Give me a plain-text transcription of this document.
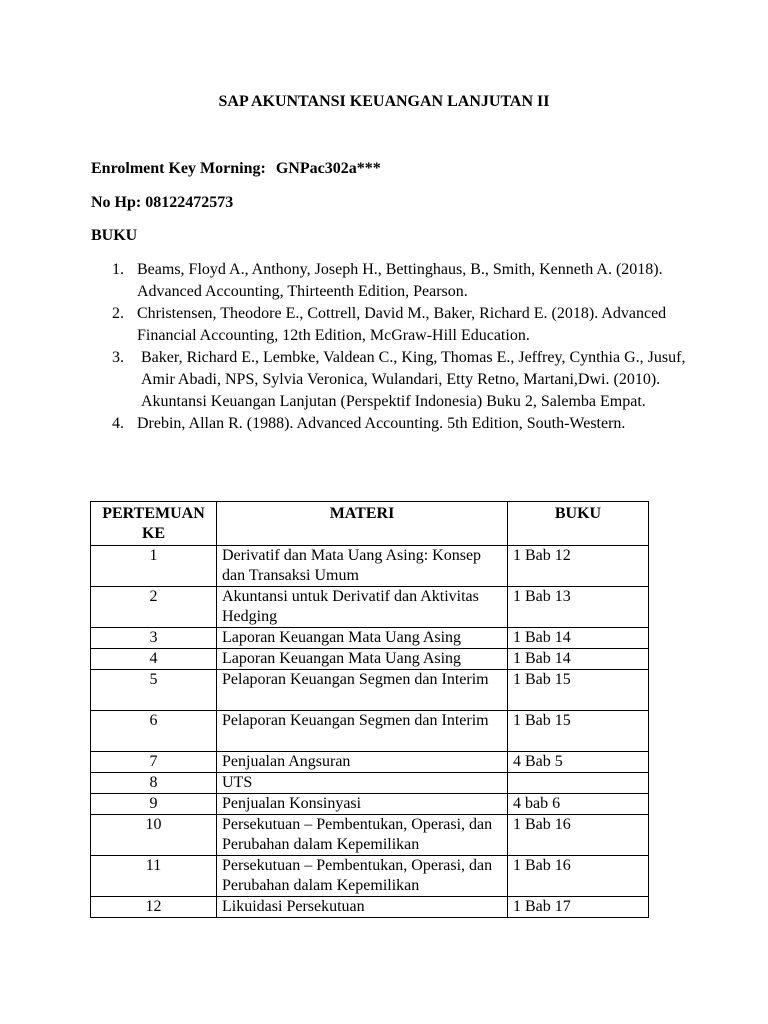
SAP AKUNTANSI KEUANGAN LANJUTAN II
Enrolment Key Morning: GNPac302a***
No Hp: 08122472573
BUKU
1. Beams, Floyd A., Anthony, Joseph H., Bettinghaus, B., Smith, Kenneth A. (2018). Advanced Accounting, Thirteenth Edition, Pearson.
2. Christensen, Theodore E., Cottrell, David M., Baker, Richard E. (2018). Advanced Financial Accounting, 12th Edition, McGraw-Hill Education.
3. Baker, Richard E., Lembke, Valdean C., King, Thomas E., Jeffrey, Cynthia G., Jusuf, Amir Abadi, NPS, Sylvia Veronica, Wulandari, Etty Retno, Martani,Dwi. (2010). Akuntansi Keuangan Lanjutan (Perspektif Indonesia) Buku 2, Salemba Empat.
4. Drebin, Allan R. (1988). Advanced Accounting. 5th Edition, South-Western.
PERTEMUAN KE	MATERI	BUKU
1	Derivatif dan Mata Uang Asing: Konsep dan Transaksi Umum	1 Bab 12
2	Akuntansi untuk Derivatif dan Aktivitas Hedging	1 Bab 13
3	Laporan Keuangan Mata Uang Asing	1 Bab 14
4	Laporan Keuangan Mata Uang Asing	1 Bab 14
5	Pelaporan Keuangan Segmen dan Interim	1 Bab 15
6	Pelaporan Keuangan Segmen dan Interim	1 Bab 15
7	Penjualan Angsuran	4 Bab 5
8	UTS	
9	Penjualan Konsinyasi	4 bab 6
10	Persekutuan – Pembentukan, Operasi, dan Perubahan dalam Kepemilikan	1 Bab 16
11	Persekutuan – Pembentukan, Operasi, dan Perubahan dalam Kepemilikan	1 Bab 16
12	Likuidasi Persekutuan	1 Bab 17
